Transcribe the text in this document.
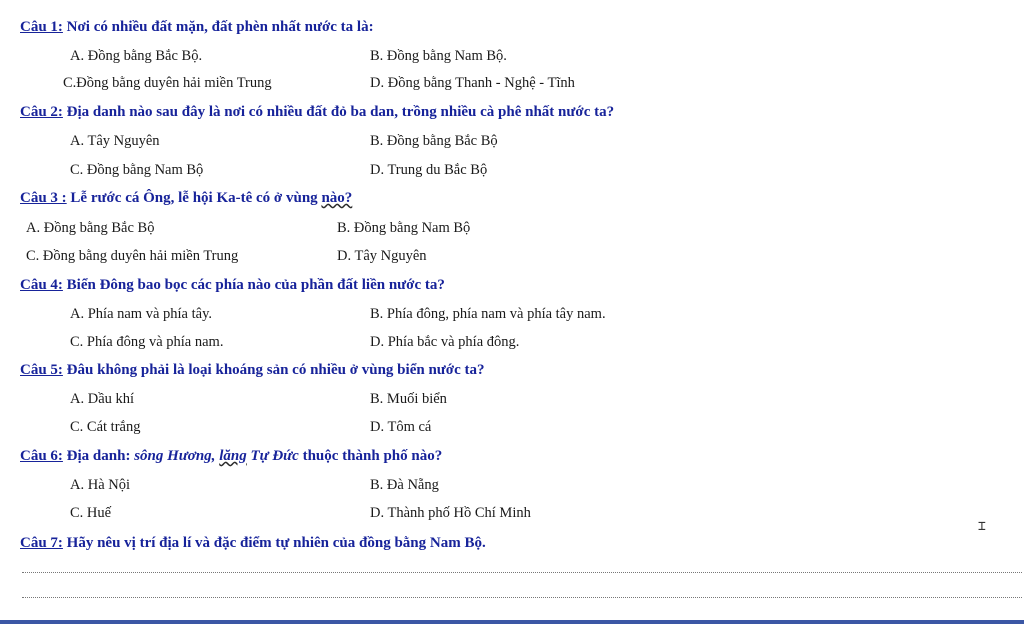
Câu 1: Nơi có nhiều đất mặn, đất phèn nhất nước ta là:
A. Đồng bằng Bắc Bộ.	B. Đồng bằng Nam Bộ.
C.Đồng bằng duyên hải miền Trung	D. Đồng bằng Thanh - Nghệ - Tĩnh
Câu 2: Địa danh nào sau đây là nơi có nhiều đất đỏ ba dan, trồng nhiều cà phê nhất nước ta?
A. Tây Nguyên	B. Đồng bằng Bắc Bộ
C. Đồng bằng Nam Bộ	D. Trung du Bắc Bộ
Câu 3 : Lễ rước cá Ông, lễ hội Ka-tê có ở vùng nào?
A. Đồng bằng Bắc Bộ	B. Đồng bằng Nam Bộ
C. Đồng bằng duyên hải miền Trung	D. Tây Nguyên
Câu 4: Biển Đông bao bọc các phía nào của phần đất liền nước ta?
A. Phía nam và phía tây.	B. Phía đông, phía nam và phía tây nam.
C. Phía đông và phía nam.	D. Phía bắc và phía đông.
Câu 5: Đâu không phải là loại khoáng sản có nhiều ở vùng biển nước ta?
A. Dầu khí	B. Muối biển
C. Cát trắng	D. Tôm cá
Câu 6: Địa danh: sông Hương, lăng Tự Đức thuộc thành phố nào?
A. Hà Nội	B. Đà Nẵng
C. Huế	D. Thành phố Hồ Chí Minh
Câu 7: Hãy nêu vị trí địa lí và đặc điểm tự nhiên của đồng bằng Nam Bộ.
⌶
